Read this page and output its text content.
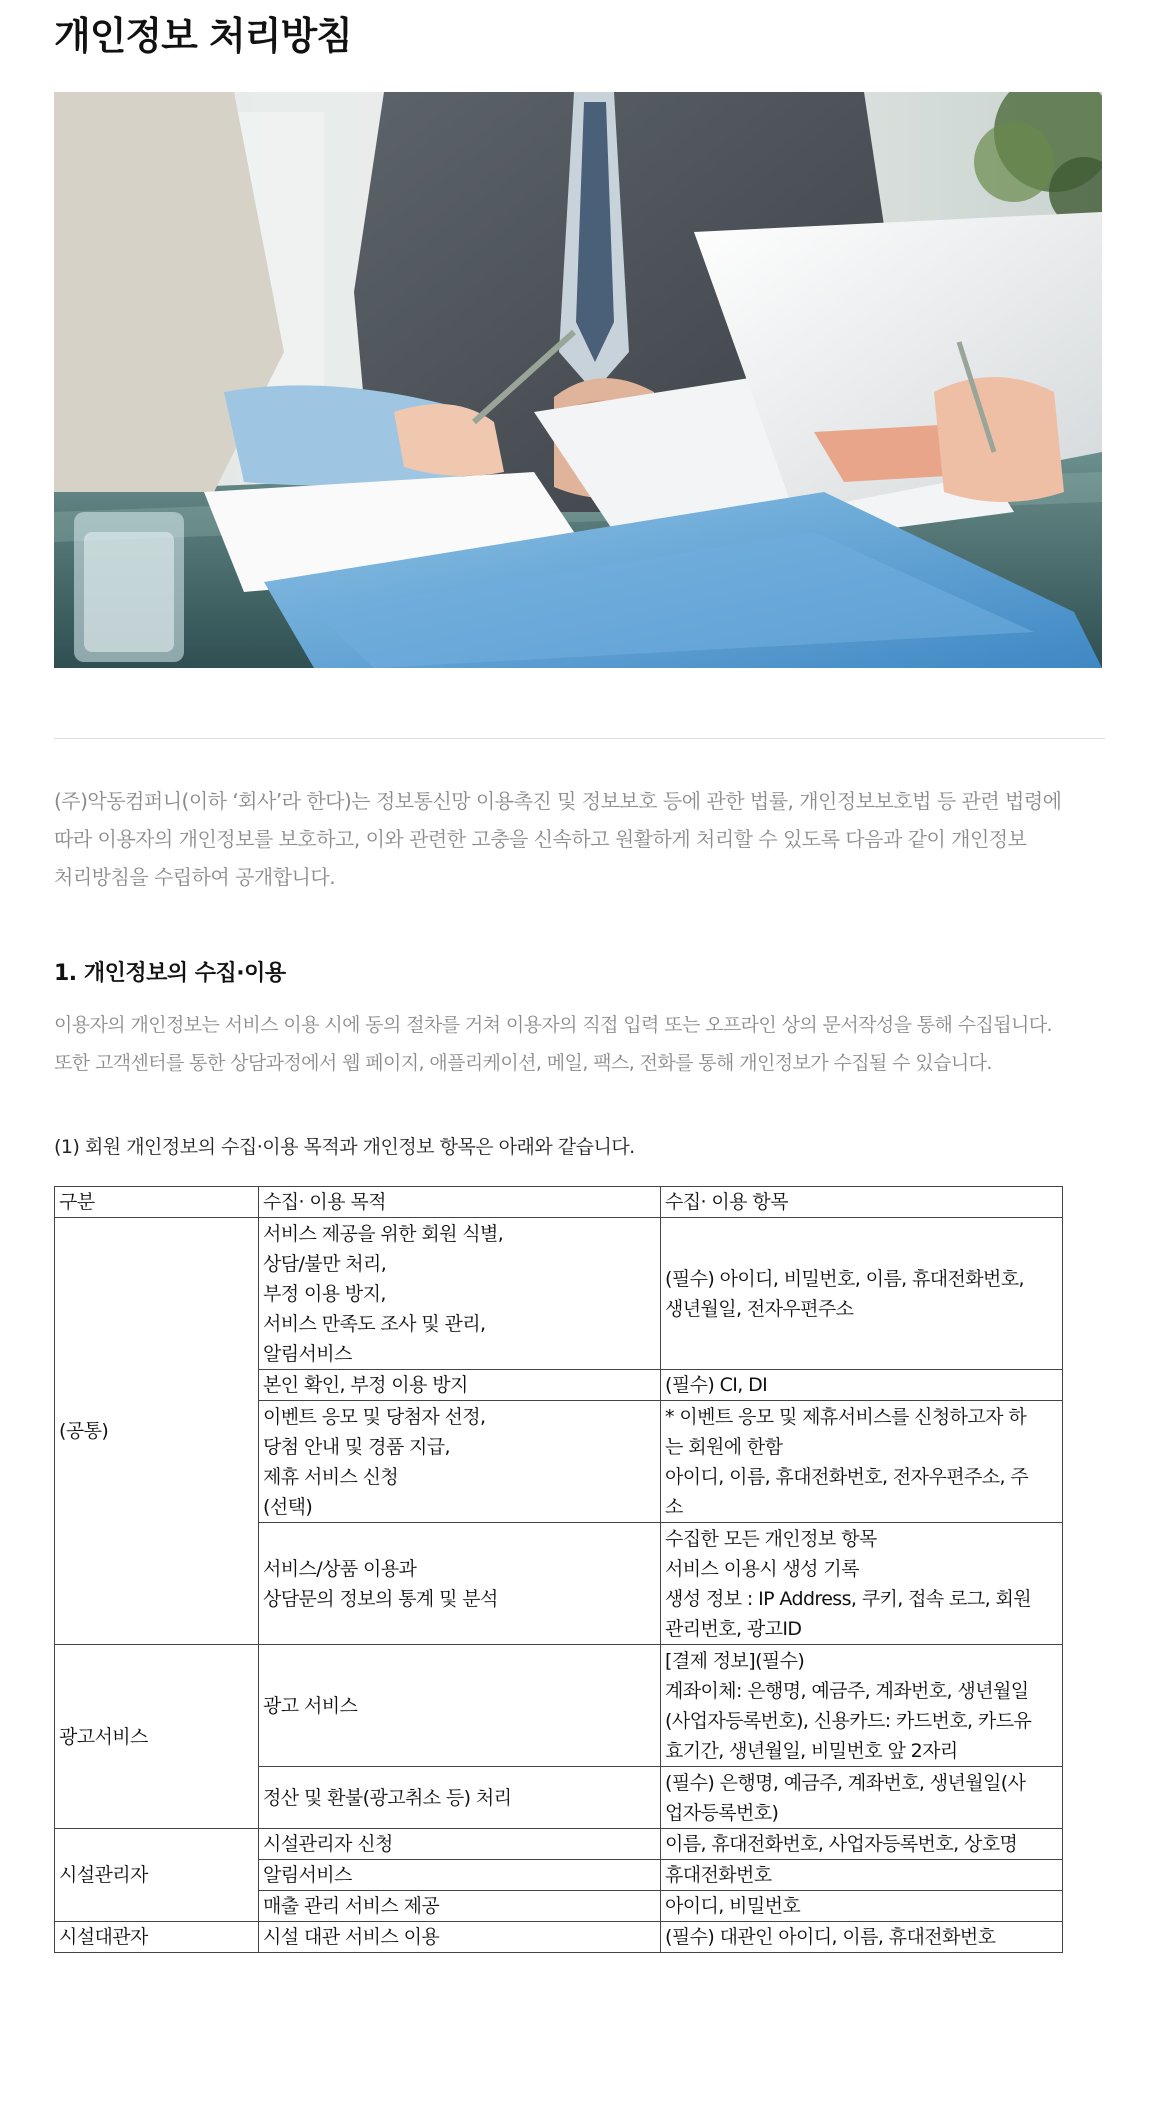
개인정보 처리방침

(주)악동컴퍼니(이하 ‘회사’라 한다)는 정보통신망 이용촉진 및 정보보호 등에 관한 법률, 개인정보보호법 등 관련 법령에
따라 이용자의 개인정보를 보호하고, 이와 관련한 고충을 신속하고 원활하게 처리할 수 있도록 다음과 같이 개인정보
처리방침을 수립하여 공개합니다.

1. 개인정보의 수집·이용

이용자의 개인정보는 서비스 이용 시에 동의 절차를 거쳐 이용자의 직접 입력 또는 오프라인 상의 문서작성을 통해 수집됩니다.
또한 고객센터를 통한 상담과정에서 웹 페이지, 애플리케이션, 메일, 팩스, 전화를 통해 개인정보가 수집될 수 있습니다.

(1) 회원 개인정보의 수집·이용 목적과 개인정보 항목은 아래와 같습니다.

구분	수집· 이용 목적	수집· 이용 항목
(공통)	서비스 제공을 위한 회원 식별,
상담/불만 처리,
부정 이용 방지,
서비스 만족도 조사 및 관리,
알림서비스	(필수) 아이디, 비밀번호, 이름, 휴대전화번호,
생년월일, 전자우편주소

	본인 확인, 부정 이용 방지	(필수) CI, DI

	이벤트 응모 및 당첨자 선정,
당첨 안내 및 경품 지급,
제휴 서비스 신청
(선택)	* 이벤트 응모 및 제휴서비스를 신청하고자 하
는 회원에 한함
아이디, 이름, 휴대전화번호, 전자우편주소, 주
소

	서비스/상품 이용과
상담문의 정보의 통계 및 분석	수집한 모든 개인정보 항목
서비스 이용시 생성 기록
생성 정보 : IP Address, 쿠키, 접속 로그, 회원
관리번호, 광고ID

광고서비스	광고 서비스	[결제 정보](필수)
계좌이체: 은행명, 예금주, 계좌번호, 생년월일
(사업자등록번호), 신용카드: 카드번호, 카드유
효기간, 생년월일, 비밀번호 앞 2자리

	정산 및 환불(광고취소 등) 처리	(필수) 은행명, 예금주, 계좌번호, 생년월일(사
업자등록번호)

시설관리자	시설관리자 신청	이름, 휴대전화번호, 사업자등록번호, 상호명

	알림서비스	휴대전화번호

	매출 관리 서비스 제공	아이디, 비밀번호

시설대관자	시설 대관 서비스 이용	(필수) 대관인 아이디, 이름, 휴대전화번호
